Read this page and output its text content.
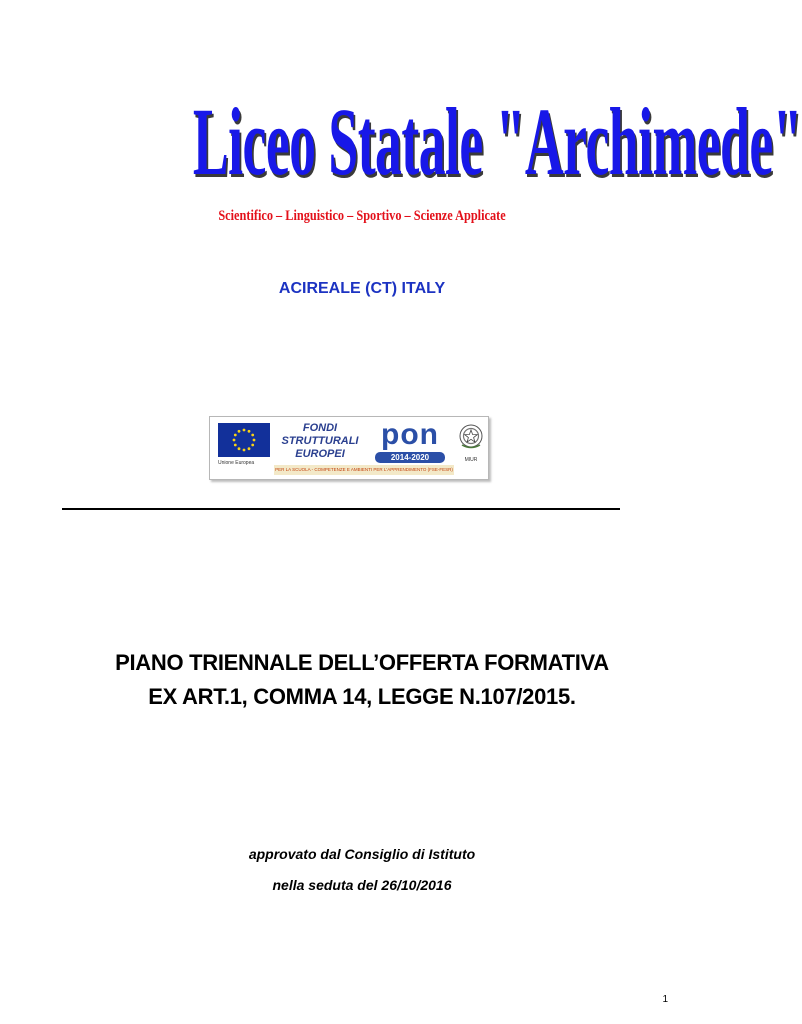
Liceo Statale "Archimede"
Scientifico – Linguistico – Sportivo – Scienze Applicate
ACIREALE (CT) ITALY
Unione Europea
FONDI
STRUTTURALI
EUROPEI
pon
2014-2020
PER LA SCUOLA - COMPETENZE E AMBIENTI PER L'APPRENDIMENTO (FSE-FESR)
MIUR
PIANO TRIENNALE DELL’OFFERTA FORMATIVA
EX ART.1, COMMA 14, LEGGE N.107/2015.
approvato dal Consiglio di Istituto
nella seduta del 26/10/2016
1
